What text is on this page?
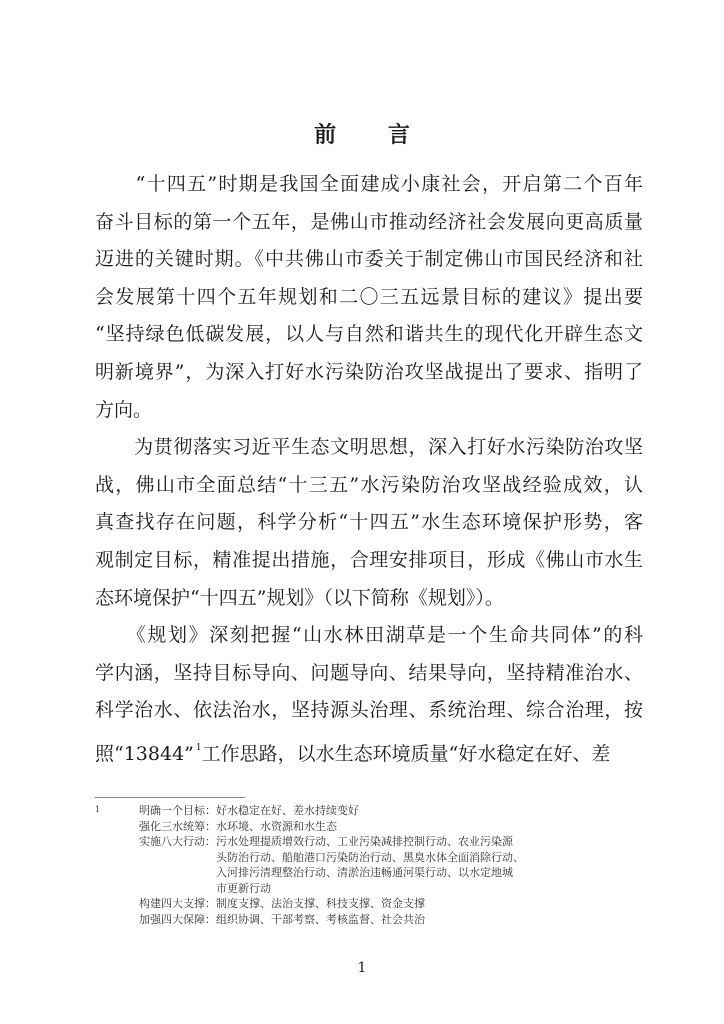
前 言
　　“十四五”时期是我国全面建成小康社会，开启第二个百年
奋斗目标的第一个五年，是佛山市推动经济社会发展向更高质量
迈进的关键时期。《中共佛山市委关于制定佛山市国民经济和社
会发展第十四个五年规划和二〇三五远景目标的建议》提出要
“坚持绿色低碳发展，以人与自然和谐共生的现代化开辟生态文
明新境界”，为深入打好水污染防治攻坚战提出了要求、指明了
方向。
　　为贯彻落实习近平生态文明思想，深入打好水污染防治攻坚
战，佛山市全面总结“十三五”水污染防治攻坚战经验成效，认
真查找存在问题，科学分析“十四五”水生态环境保护形势，客
观制定目标，精准提出措施，合理安排项目，形成《佛山市水生
态环境保护“十四五”规划》（以下简称《规划》）。
　　《规划》深刻把握“山水林田湖草是一个生命共同体”的科
学内涵，坚持目标导向、问题导向、结果导向，坚持精准治水、
科学治水、依法治水，坚持源头治理、系统治理、综合治理，按
照“13844” $^1$工作思路，以水生态环境质量“好水稳定在好、差
1	明确一个目标： 好水稳定在好、差水持续变好
强化三水统筹： 水环境、水资源和水生态
实施八大行动： 污水处理提质增效行动、工业污染减排控制行动、农业污染源
头防治行动、船舶港口污染防治行动、黑臭水体全面消除行动、
入河排污清理整治行动、清淤治违畅通河渠行动、以水定地城
市更新行动
构建四大支撑： 制度支撑、法治支撑、科技支撑、资金支撑
加强四大保障： 组织协调、干部考察、考核监督、社会共治
1
